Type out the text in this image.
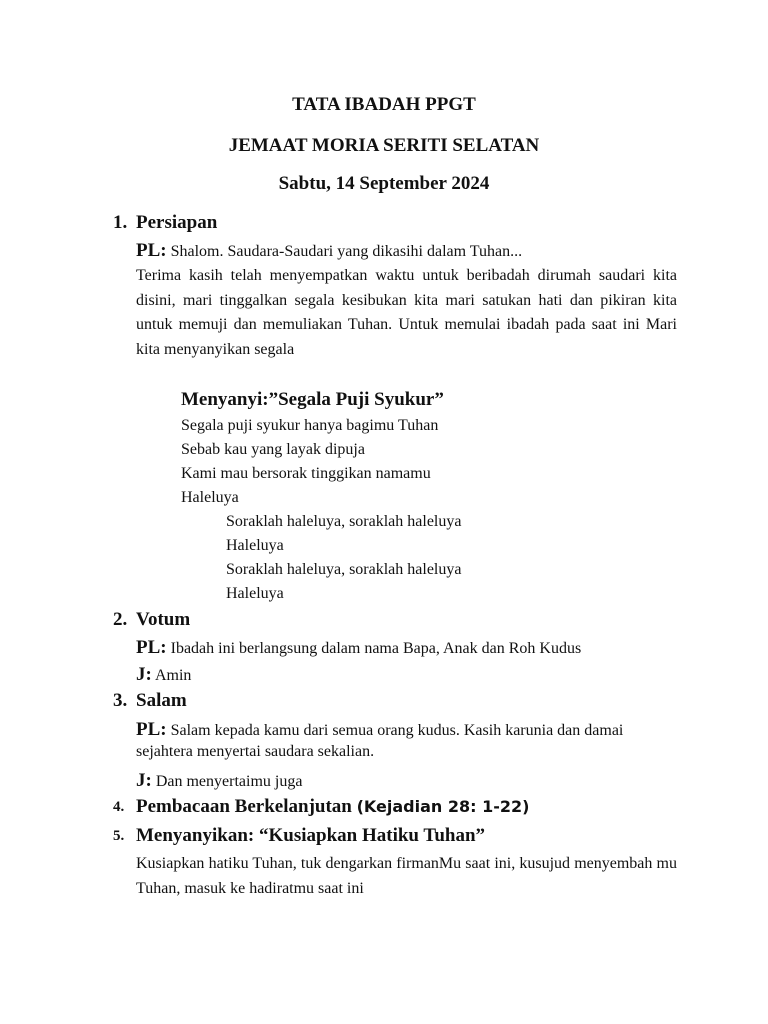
TATA IBADAH PPGT
JEMAAT MORIA SERITI SELATAN
Sabtu, 14 September 2024
1. Persiapan
PL: Shalom. Saudara-Saudari yang dikasihi dalam Tuhan...
Terima kasih telah menyempatkan waktu untuk beribadah dirumah saudari kita disini, mari tinggalkan segala kesibukan kita mari satukan hati dan pikiran kita untuk memuji dan memuliakan Tuhan. Untuk memulai ibadah pada saat ini Mari kita menyanyikan segala
Menyanyi:”Segala Puji Syukur”
Segala puji syukur hanya bagimu Tuhan
Sebab kau yang layak dipuja
Kami mau bersorak tinggikan namamu
Haleluya
Soraklah haleluya, soraklah haleluya
Haleluya
Soraklah haleluya, soraklah haleluya
Haleluya
2. Votum
PL: Ibadah ini berlangsung dalam nama Bapa, Anak dan Roh Kudus
J: Amin
3. Salam
PL: Salam kepada kamu dari semua orang kudus. Kasih karunia dan damai
sejahtera menyertai saudara sekalian.
J: Dan menyertaimu juga
4. Pembacaan Berkelanjutan (Kejadian 28: 1-22)
5. Menyanyikan: “Kusiapkan Hatiku Tuhan”
Kusiapkan hatiku Tuhan, tuk dengarkan firmanMu saat ini, kusujud menyembah mu Tuhan, masuk ke hadiratmu saat ini
